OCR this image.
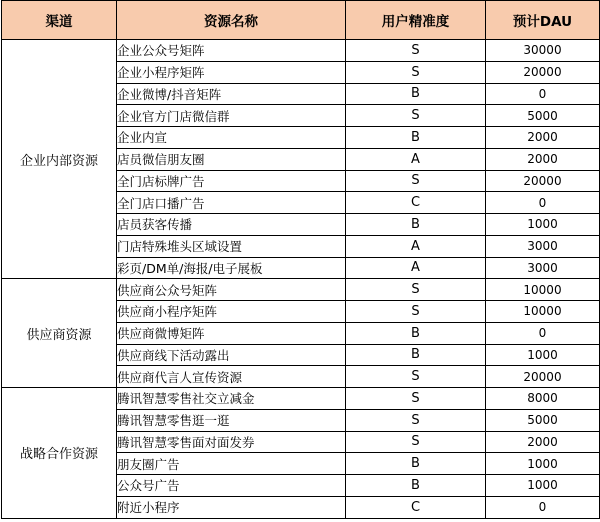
渠道	资源名称	用户精准度	预计DAU
企业内部资源	企业公众号矩阵	S	30000
	企业小程序矩阵	S	20000
	企业微博/抖音矩阵	B	0
	企业官方门店微信群	S	5000
	企业内宣	B	2000
	店员微信朋友圈	A	2000
	全门店标牌广告	S	20000
	全门店口播广告	C	0
	店员获客传播	B	1000
	门店特殊堆头区域设置	A	3000
	彩页/DM单/海报/电子展板	A	3000
供应商资源	供应商公众号矩阵	S	10000
	供应商小程序矩阵	S	10000
	供应商微博矩阵	B	0
	供应商线下活动露出	B	1000
	供应商代言人宣传资源	S	20000
战略合作资源	腾讯智慧零售社交立减金	S	8000
	腾讯智慧零售逛一逛	S	5000
	腾讯智慧零售面对面发券	S	2000
	朋友圈广告	B	1000
	公众号广告	B	1000
	附近小程序	C	0
